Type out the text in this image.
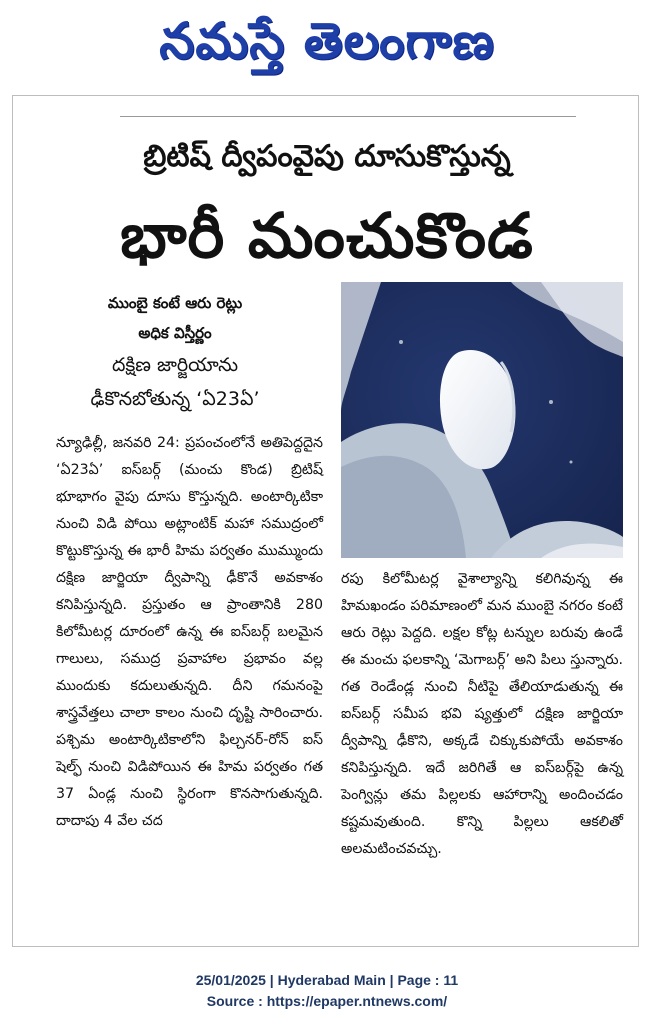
నమస్తే తెలంగాణ
బ్రిటిష్ ద్వీపంవైపు దూసుకొస్తున్న
భారీ మంచుకొండ
ముంబై కంటే ఆరు రెట్లు
అధిక విస్తీర్ణం
దక్షిణ జార్జియాను
ఢీకొనబోతున్న ‘ఏ23ఏ’

న్యూఢిల్లీ, జనవరి 24: ప్రపంచంలోనే అతిపెద్దదైన ‘ఏ23ఏ’ ఐస్‌బర్గ్ (మంచు కొండ) బ్రిటిష్ భూభాగం వైపు దూసు కొస్తున్నది. అంటార్కిటికా నుంచి విడి పోయి అట్లాంటిక్ మహా సముద్రంలో కొట్టుకొస్తున్న ఈ భారీ హిమ పర్వతం ముమ్ముందు దక్షిణ జార్జియా ద్వీపాన్ని ఢీకొనే అవకాశం కనిపిస్తున్నది. ప్రస్తుతం ఆ ప్రాంతానికి 280 కిలోమీటర్ల దూరంలో ఉన్న ఈ ఐస్‌బర్గ్ బలమైన గాలులు, సముద్ర ప్రవాహాల ప్రభావం వల్ల ముందుకు కదులుతున్నది. దీని గమనంపై శాస్త్రవేత్తలు చాలా కాలం నుంచి దృష్టి సారించారు. పశ్చిమ అంటార్కిటికాలోని ఫిల్చనర్-రోన్ ఐస్ షెల్ఫ్ నుంచి విడిపోయిన ఈ హిమ పర్వతం గత 37 ఏండ్ల నుంచి స్థిరంగా కొనసాగుతున్నది. దాదాపు 4 వేల చద

రపు కిలోమీటర్ల వైశాల్యాన్ని కలిగివున్న ఈ హిమఖండం పరిమాణంలో మన ముంబై నగరం కంటే ఆరు రెట్లు పెద్దది. లక్షల కోట్ల టన్నుల బరువు ఉండే ఈ మంచు ఫలకాన్ని ‘మెగాబర్గ్’ అని పిలు స్తున్నారు. గత రెండేండ్ల నుంచి నీటిపై తేలియాడుతున్న ఈ ఐస్‌బర్గ్ సమీప భవి ష్యత్తులో దక్షిణ జార్జియా ద్వీపాన్ని ఢీకొని, అక్కడే చిక్కుకుపోయే అవకాశం కనిపిస్తున్నది. ఇదే జరిగితే ఆ ఐస్‌బర్గ్‌పై ఉన్న పెంగ్విన్లు తమ పిల్లలకు ఆహారాన్ని అందించడం కష్టమవుతుంది. కొన్ని పిల్లలు ఆకలితో అలమటించవచ్చు.

25/01/2025 | Hyderabad Main | Page : 11
Source : https://epaper.ntnews.com/
